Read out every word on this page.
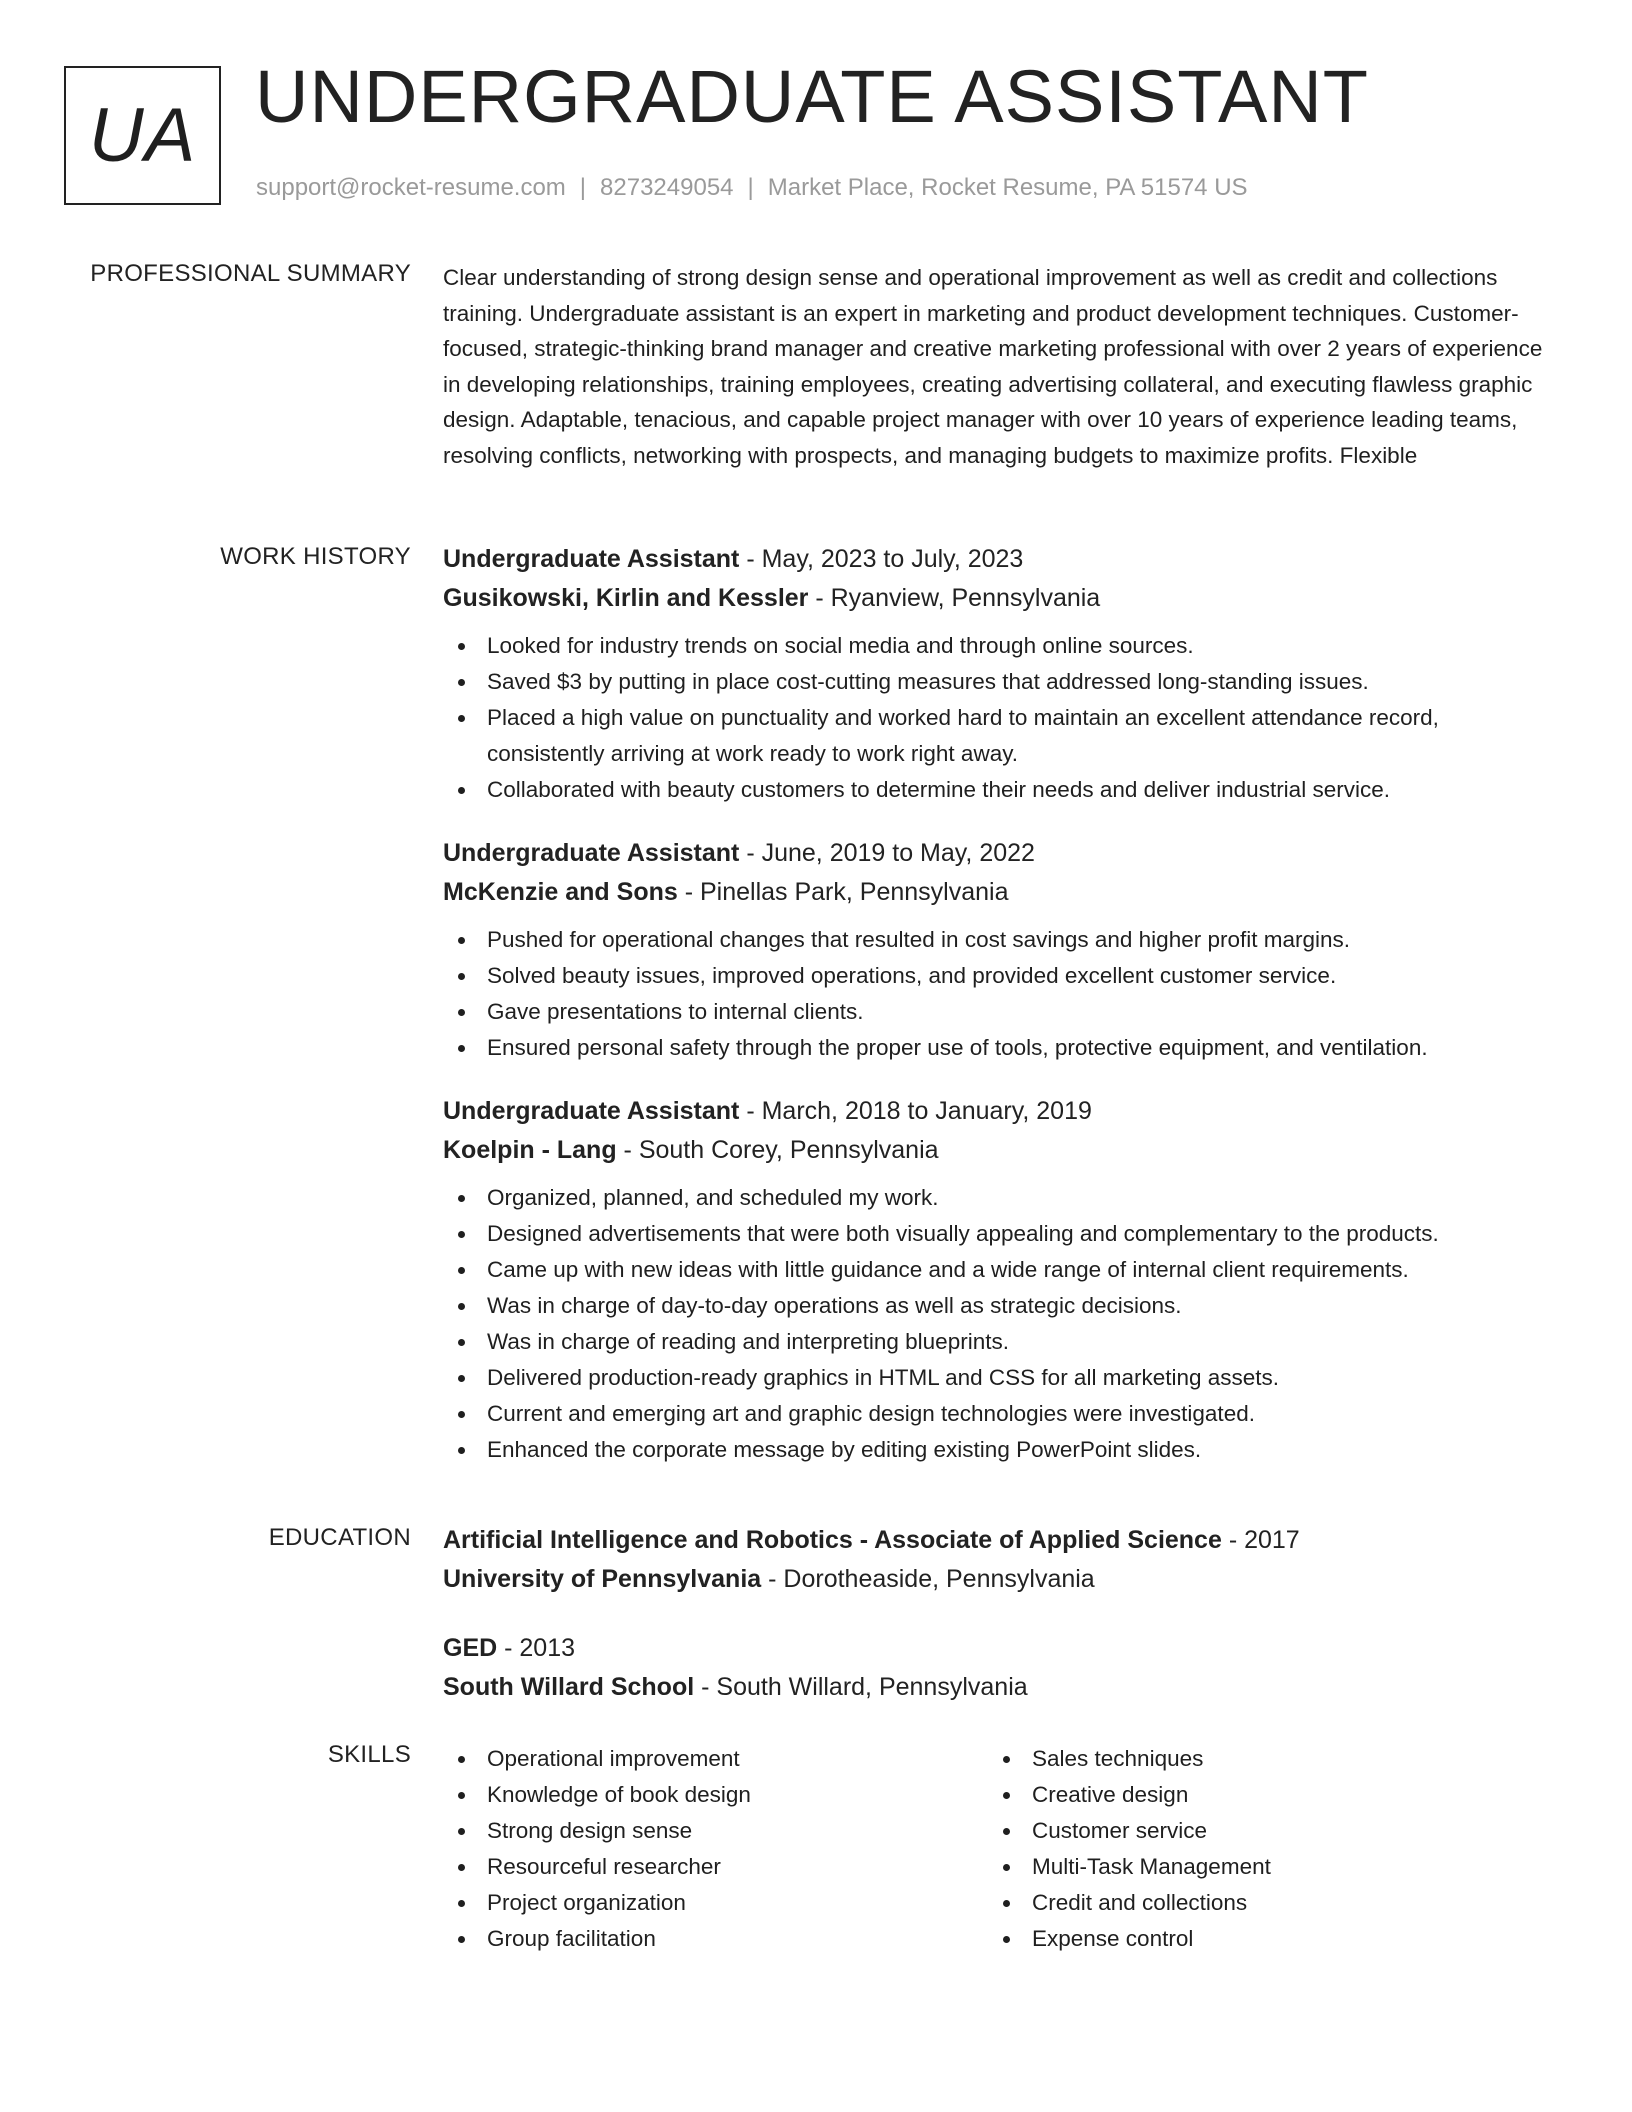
UA UNDERGRADUATE ASSISTANT
support@rocket-resume.com | 8273249054 | Market Place, Rocket Resume, PA 51574 US
PROFESSIONAL SUMMARY Clear understanding of strong design sense and operational improvement as well as credit and collections training. Undergraduate assistant is an expert in marketing and product development techniques. Customer-focused, strategic-thinking brand manager and creative marketing professional with over 2 years of experience in developing relationships, training employees, creating advertising collateral, and executing flawless graphic design. Adaptable, tenacious, and capable project manager with over 10 years of experience leading teams, resolving conflicts, networking with prospects, and managing budgets to maximize profits. Flexible

WORK HISTORY Undergraduate Assistant - May, 2023 to July, 2023
Gusikowski, Kirlin and Kessler - Ryanview, Pennsylvania
Looked for industry trends on social media and through online sources.
Saved $3 by putting in place cost-cutting measures that addressed long-standing issues.
Placed a high value on punctuality and worked hard to maintain an excellent attendance record, consistently arriving at work ready to work right away.
Collaborated with beauty customers to determine their needs and deliver industrial service.
Undergraduate Assistant - June, 2019 to May, 2022
McKenzie and Sons - Pinellas Park, Pennsylvania
Pushed for operational changes that resulted in cost savings and higher profit margins.
Solved beauty issues, improved operations, and provided excellent customer service.
Gave presentations to internal clients.
Ensured personal safety through the proper use of tools, protective equipment, and ventilation.
Undergraduate Assistant - March, 2018 to January, 2019
Koelpin - Lang - South Corey, Pennsylvania
Organized, planned, and scheduled my work.
Designed advertisements that were both visually appealing and complementary to the products.
Came up with new ideas with little guidance and a wide range of internal client requirements.
Was in charge of day-to-day operations as well as strategic decisions.
Was in charge of reading and interpreting blueprints.
Delivered production-ready graphics in HTML and CSS for all marketing assets.
Current and emerging art and graphic design technologies were investigated.
Enhanced the corporate message by editing existing PowerPoint slides.
EDUCATION Artificial Intelligence and Robotics - Associate of Applied Science - 2017
University of Pennsylvania - Dorotheaside, Pennsylvania
GED - 2013
South Willard School - South Willard, Pennsylvania
SKILLS	Operational improvement
Knowledge of book design
Strong design sense
Resourceful researcher
Project organization
Group facilitation
Sales techniques
Creative design
Customer service
Multi-Task Management
Credit and collections
Expense control
